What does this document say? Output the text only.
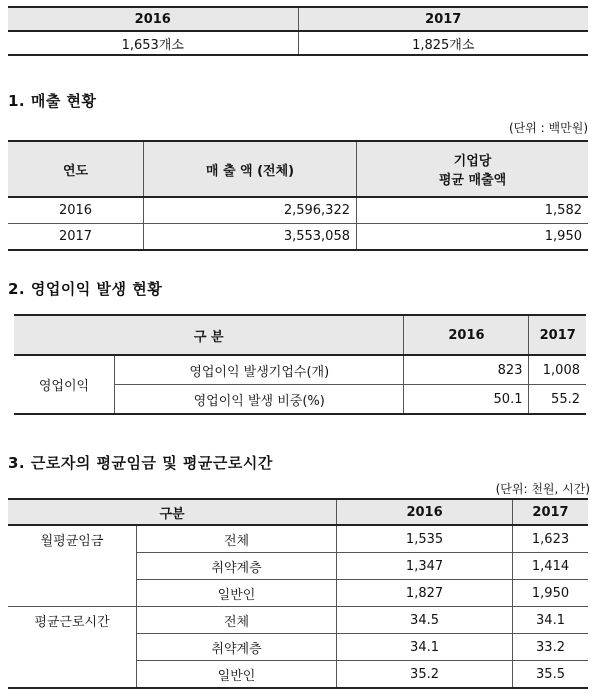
2016	2017
1,653개소	1,825개소
1. 매출 현황
(단위 : 백만원)
연도	매 출 액 (전체)	기업당
평균 매출액

2016	2,596,322	1,582
2017	3,553,058	1,950
2. 영업이익 발생 현황
구 분		2016	2017
영업이익	영업이익 발생기업수(개)	823	1,008
	영업이익 발생 비중(%)	50.1	55.2
3. 근로자의 평균임금 및 평균근로시간
(단위: 천원, 시간)
구분		2016	2017
월평균임금	전체	1,535	1,623
	취약계층	1,347	1,414
	일반인	1,827	1,950
평균근로시간	전체	34.5	34.1
	취약계층	34.1	33.2
	일반인	35.2	35.5
